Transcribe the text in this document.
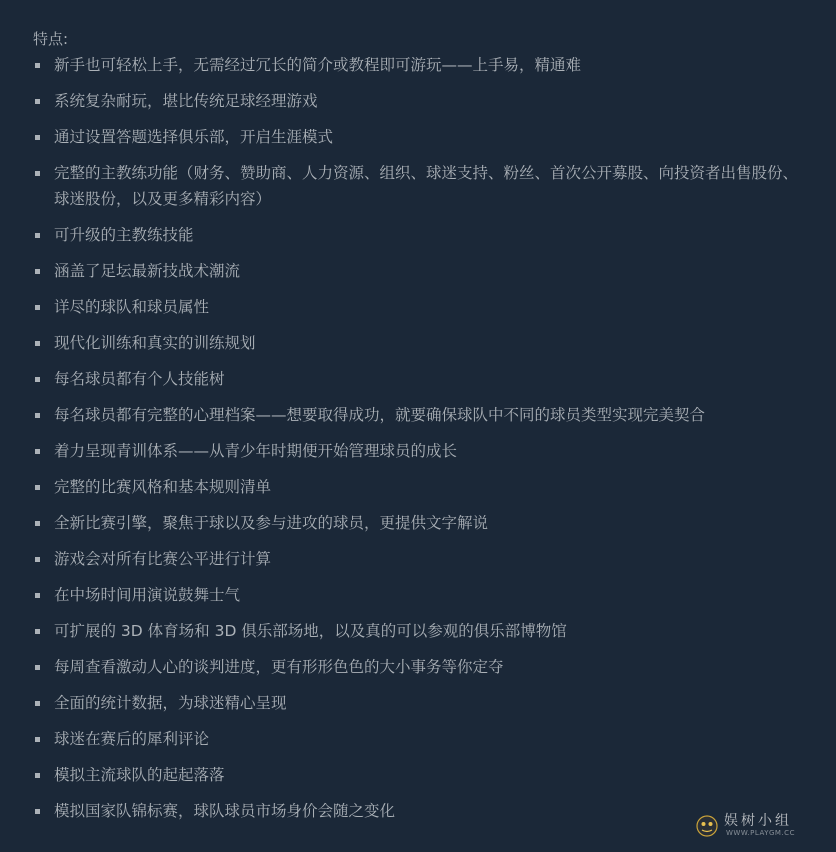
特点:

新手也可轻松上手，无需经过冗长的简介或教程即可游玩——上手易，精通难
系统复杂耐玩，堪比传统足球经理游戏
通过设置答题选择俱乐部，开启生涯模式
完整的主教练功能（财务、赞助商、人力资源、组织、球迷支持、粉丝、首次公开募股、向投资者出售股份、球迷股份，以及更多精彩内容）
可升级的主教练技能
涵盖了足坛最新技战术潮流
详尽的球队和球员属性
现代化训练和真实的训练规划
每名球员都有个人技能树
每名球员都有完整的心理档案——想要取得成功，就要确保球队中不同的球员类型实现完美契合
着力呈现青训体系——从青少年时期便开始管理球员的成长
完整的比赛风格和基本规则清单
全新比赛引擎，聚焦于球以及参与进攻的球员，更提供文字解说
游戏会对所有比赛公平进行计算
在中场时间用演说鼓舞士气
可扩展的 3D 体育场和 3D 俱乐部场地，以及真的可以参观的俱乐部博物馆
每周查看激动人心的谈判进度，更有形形色色的大小事务等你定夺
全面的统计数据，为球迷精心呈现
球迷在赛后的犀利评论
模拟主流球队的起起落落
模拟国家队锦标赛，球队球员市场身价会随之变化
娱树小组
WWW.PLAYGM.CC
